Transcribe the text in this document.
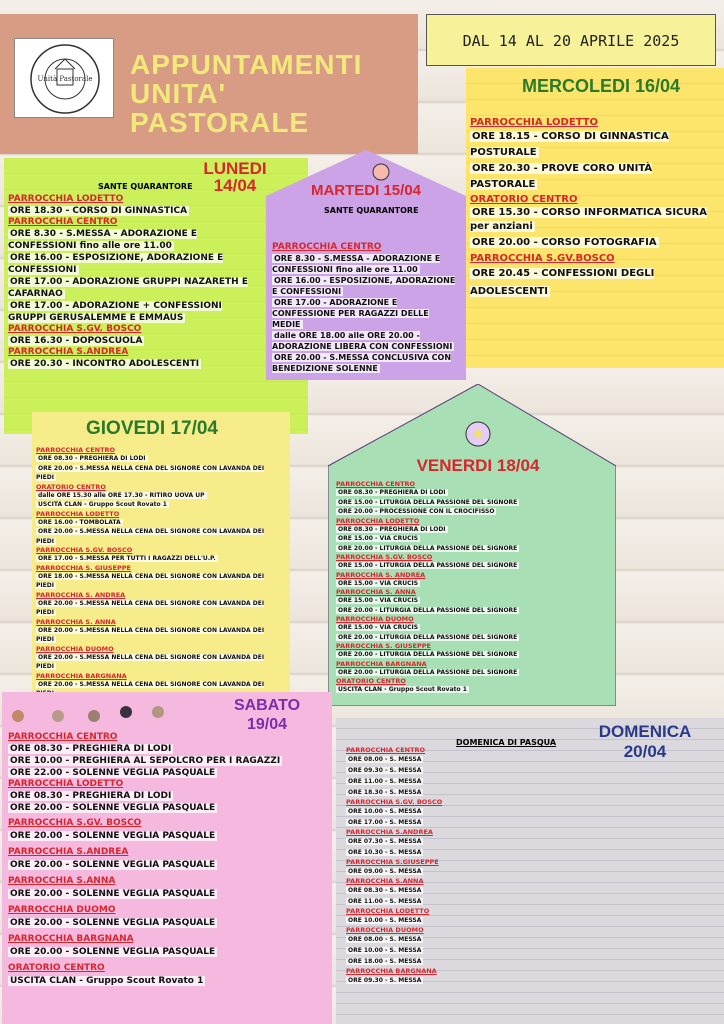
Unità Pastorale APPUNTAMENTI
UNITA'
PASTORALE
DAL 14 AL 20 APRILE 2025
LUNEDI 14/04
SANTE QUARANTORE
PARROCCHIA LODETTO
ORE 18.30 - CORSO DI GINNASTICA
PARROCCHIA CENTRO
ORE 8.30 - S.MESSA - ADORAZIONE E CONFESSIONI fino alle ore 11.00
ORE 16.00 - ESPOSIZIONE, ADORAZIONE E CONFESSIONI
ORE 17.00 - ADORAZIONE GRUPPI NAZARETH E CAFARNAO
ORE 17.00 - ADORAZIONE + CONFESSIONI GRUPPI GERUSALEMME E EMMAUS
PARROCCHIA S.GV. BOSCO
ORE 16.30 - DOPOSCUOLA
PARROCCHIA S.ANDREA
ORE 20.30 - INCONTRO ADOLESCENTI
MARTEDI 15/04
SANTE QUARANTORE
PARROCCHIA CENTRO
ORE 8.30 - S.MESSA - ADORAZIONE E CONFESSIONI fino alle ore 11.00
ORE 16.00 - ESPOSIZIONE, ADORAZIONE E CONFESSIONI
ORE 17.00 - ADORAZIONE E CONFESSIONE PER RAGAZZI DELLE MEDIE
dalle ORE 18.00 alle ORE 20.00 - ADORAZIONE LIBERA CON CONFESSIONI
ORE 20.00 - S.MESSA CONCLUSIVA CON BENEDIZIONE SOLENNE
MERCOLEDI 16/04
PARROCCHIA LODETTO
ORE 18.15 - CORSO DI GINNASTICA POSTURALE
ORE 20.30 - PROVE CORO UNITÀ PASTORALE
ORATORIO CENTRO
ORE 15.30 - CORSO INFORMATICA SICURA per anziani
ORE 20.00 - CORSO FOTOGRAFIA
PARROCCHIA S.GV.BOSCO
ORE 20.45 - CONFESSIONI DEGLI ADOLESCENTI
GIOVEDI 17/04
PARROCCHIA CENTRO
ORE 08.30 - PREGHIERA DI LODI
ORE 20.00 - S.MESSA NELLA CENA DEL SIGNORE CON LAVANDA DEI PIEDI
ORATORIO CENTRO
dalle ORE 15.30 alle ORE 17.30 - RITIRO UOVA UP
USCITA CLAN - Gruppo Scout Rovato 1
PARROCCHIA LODETTO
ORE 16.00 - TOMBOLATA
ORE 20.00 - S.MESSA NELLA CENA DEL SIGNORE CON LAVANDA DEI PIEDI
PARROCCHIA S.GV. BOSCO
ORE 17.00 - S.MESSA PER TUTTI I RAGAZZI DELL'U.P.
PARROCCHIA S. GIUSEPPE
ORE 18.00 - S.MESSA NELLA CENA DEL SIGNORE CON LAVANDA DEI PIEDI
PARROCCHIA S. ANDREA
ORE 20.00 - S.MESSA NELLA CENA DEL SIGNORE CON LAVANDA DEI PIEDI
PARROCCHIA S. ANNA
ORE 20.00 - S.MESSA NELLA CENA DEL SIGNORE CON LAVANDA DEI PIEDI
PARROCCHIA DUOMO
ORE 20.00 - S.MESSA NELLA CENA DEL SIGNORE CON LAVANDA DEI PIEDI
PARROCCHIA BARGNANA
ORE 20.00 - S.MESSA NELLA CENA DEL SIGNORE CON LAVANDA DEI
VENERDI 18/04
PARROCCHIA CENTRO
ORE 08.30 - PREGHIERA DI LODI
ORE 15.00 - LITURGIA DELLA PASSIONE DEL SIGNORE
ORE 20.00 - PROCESSIONE CON IL CROCIFISSO
PARROCCHIA LODETTO
ORE 08.30 - PREGHIERA DI LODI
ORE 15.00 - VIA CRUCIS
ORE 20.00 - LITURGIA DELLA PASSIONE DEL SIGNORE
PARROCCHIA S.GV. BOSCO
ORE 15.00 - LITURGIA DELLA PASSIONE DEL SIGNORE
PARROCCHIA S. ANDREA
ORE 15.00 - VIA CRUCIS
PARROCCHIA S. ANNA
ORE 15.00 - VIA CRUCIS
ORE 20.00 - LITURGIA DELLA PASSIONE DEL SIGNORE
PARROCCHIA DUOMO
ORE 15.00 - VIA CRUCIS
ORE 20.00 - LITURGIA DELLA PASSIONE DEL SIGNORE
PARROCCHIA S. GIUSEPPE
ORE 20.00 - LITURGIA DELLA PASSIONE DEL SIGNORE
PARROCCHIA BARGNANA
ORE 20.00 - LITURGIA DELLA PASSIONE DEL SIGNORE
ORATORIO CENTRO
USCITA CLAN - Gruppo Scout Rovato 1
SABATO 19/04
PARROCCHIA CENTRO
ORE 08.30 - PREGHIERA DI LODI
ORE 10.00 - PREGHIERA AL SEPOLCRO PER I RAGAZZI
ORE 22.00 - SOLENNE VEGLIA PASQUALE
PARROCCHIA LODETTO
ORE 08.30 - PREGHIERA DI LODI
ORE 20.00 - SOLENNE VEGLIA PASQUALE
PARROCCHIA S.GV. BOSCO
ORE 20.00 - SOLENNE VEGLIA PASQUALE
PARROCCHIA S.ANDREA
ORE 20.00 - SOLENNE VEGLIA PASQUALE
PARROCCHIA S.ANNA
ORE 20.00 - SOLENNE VEGLIA PASQUALE
PARROCCHIA DUOMO
ORE 20.00 - SOLENNE VEGLIA PASQUALE
PARROCCHIA BARGNANA
ORE 20.00 - SOLENNE VEGLIA PASQUALE
ORATORIO CENTRO
USCITA CLAN - Gruppo Scout Rovato 1
DOMENICA 20/04
DOMENICA DI PASQUA
PARROCCHIA CENTRO
ORE 08.00 - S. MESSA
ORE 09.30 - S. MESSA
ORE 11.00 - S. MESSA
ORE 18.30 - S. MESSA
PARROCCHIA S.GV. BOSCO
ORE 10.00 - S. MESSA
ORE 17.00 - S. MESSA
PARROCCHIA S.ANDREA
ORE 07.30 - S. MESSA
ORE 10.30 - S. MESSA
PARROCCHIA S.GIUSEPPE
ORE 09.00 - S. MESSA
PARROCCHIA S.ANNA
ORE 08.30 - S. MESSA
ORE 11.00 - S. MESSA
PARROCCHIA LODETTO
ORE 10.00 - S. MESSA
PARROCCHIA DUOMO
ORE 08.00 - S. MESSA
ORE 10.00 - S. MESSA
ORE 18.00 - S. MESSA
PARROCCHIA BARGNANA
ORE 09.30 - S. MESSA
